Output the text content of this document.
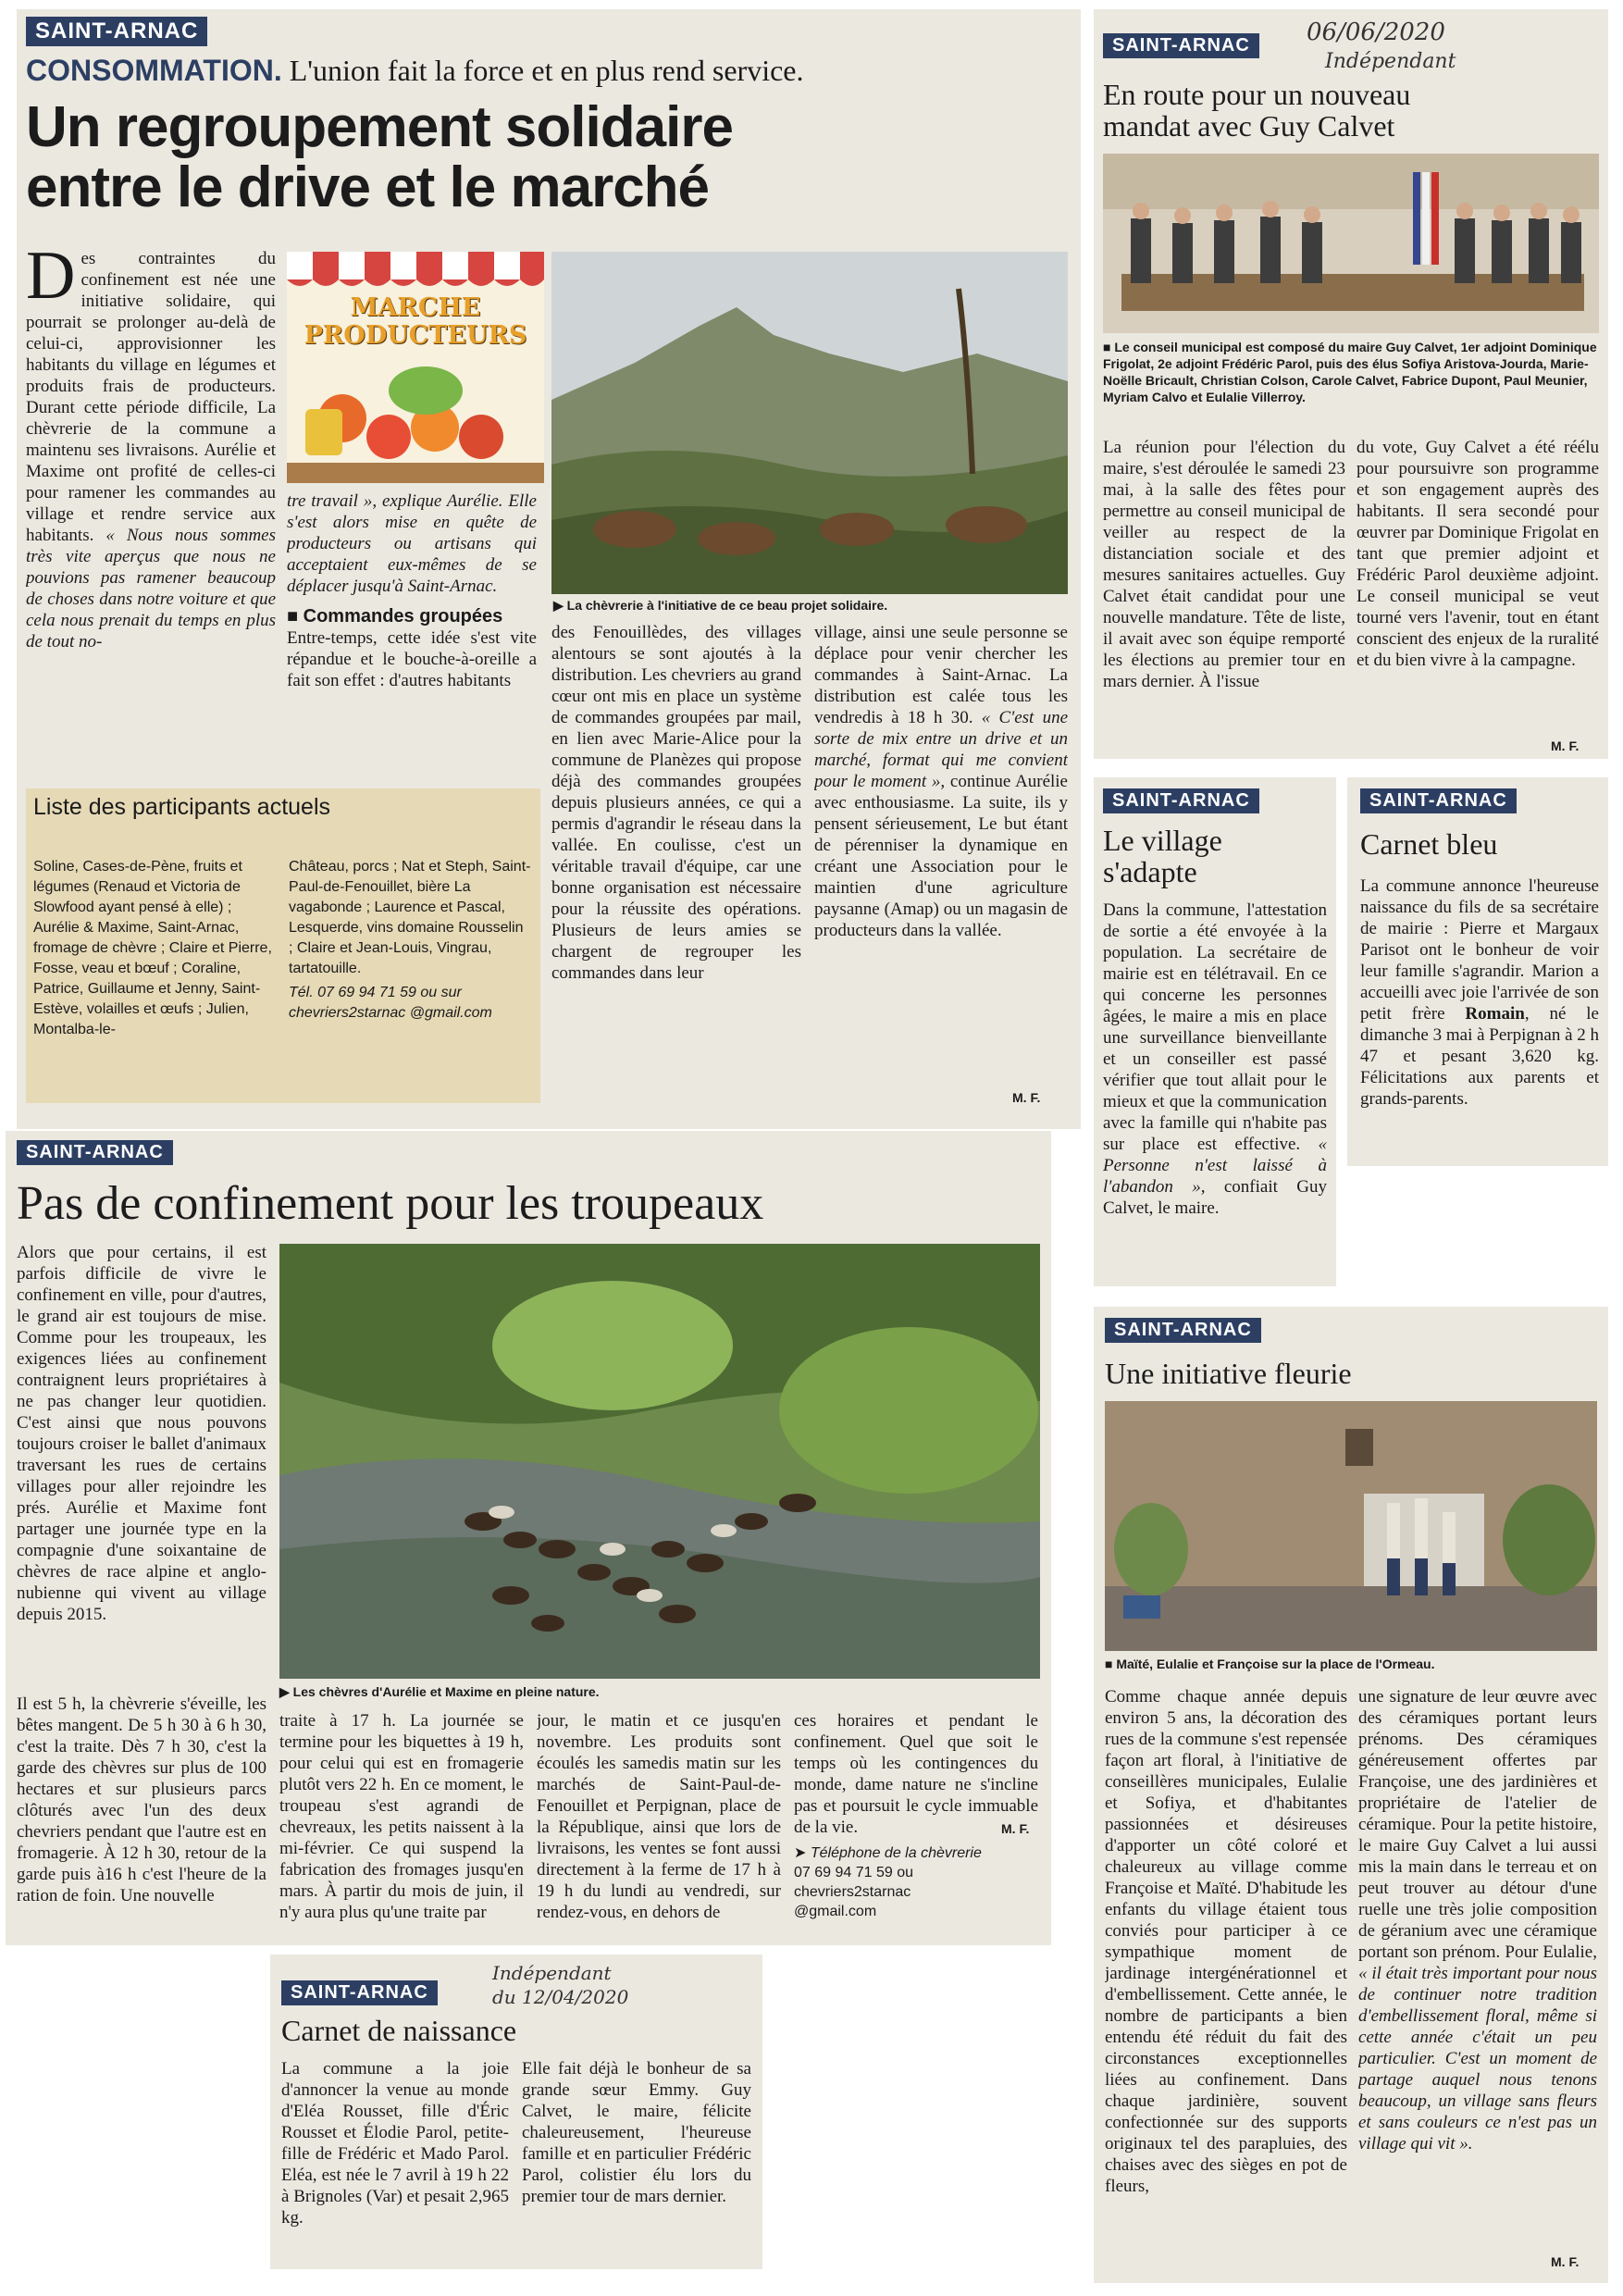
SAINT-ARNAC
CONSOMMATION. L'union fait la force et en plus rend service.
Un regroupement solidaire
entre le drive et le marché
D es contraintes du confinement est née une initiative solidaire, qui pourrait se prolonger au-delà de celui-ci, approvisionner les habitants du village en légumes et produits frais de producteurs. Durant cette période difficile, La chèvrerie de la commune a maintenu ses livraisons. Aurélie et Maxime ont profité de celles-ci pour ramener les commandes au village et rendre service aux habitants. « Nous nous sommes très vite aperçus que nous ne pouvions pas ramener beaucoup de choses dans notre voiture et que cela nous prenait du temps en plus de tout no-
MARCHE
PRODUCTEURS
tre travail », explique Aurélie. Elle s'est alors mise en quête de producteurs ou artisans qui acceptaient eux-mêmes de se déplacer jusqu'à Saint-Arnac.
■ Commandes groupées
Entre-temps, cette idée s'est vite répandue et le bouche-à-oreille a fait son effet : d'autres habitants
▶ La chèvrerie à l'initiative de ce beau projet solidaire.
des Fenouillèdes, des villages alentours se sont ajoutés à la distribution. Les chevriers au grand cœur ont mis en place un système de commandes groupées par mail, en lien avec Marie-Alice pour la commune de Planèzes qui propose déjà des commandes groupées depuis plusieurs années, ce qui a permis d'agrandir le réseau dans la vallée. En coulisse, c'est un véritable travail d'équipe, car une bonne organisation est nécessaire pour la réussite des opérations. Plusieurs de leurs amies se chargent de regrouper les commandes dans leur
village, ainsi une seule personne se déplace pour venir chercher les commandes à Saint-Arnac. La distribution est calée tous les vendredis à 18 h 30. « C'est une sorte de mix entre un drive et un marché, format qui me convient pour le moment », continue Aurélie avec enthousiasme. La suite, ils y pensent sérieusement, Le but étant de pérenniser la dynamique en créant une Association pour le maintien d'une agriculture paysanne (Amap) ou un magasin de producteurs dans la vallée.
M. F.
Liste des participants actuels
Soline, Cases-de-Pène, fruits et légumes (Renaud et Victoria de Slowfood ayant pensé à elle) ; Aurélie & Maxime, Saint-Arnac, fromage de chèvre ; Claire et Pierre, Fosse, veau et bœuf ; Coraline, Patrice, Guillaume et Jenny, Saint-Estève, volailles et œufs ; Julien, Montalba-le-
Château, porcs ; Nat et Steph, Saint-Paul-de-Fenouillet, bière La vagabonde ; Laurence et Pascal, Lesquerde, vins domaine Rousselin ; Claire et Jean-Louis, Vingrau, tartatouille.
Tél. 07 69 94 71 59 ou sur chevriers2starnac @gmail.com
SAINT-ARNAC	06/06/2020
Indépendant
En route pour un nouveau
mandat avec Guy Calvet
■ Le conseil municipal est composé du maire Guy Calvet, 1er adjoint Dominique Frigolat, 2e adjoint Frédéric Parol, puis des élus Sofiya Aristova-Jourda, Marie-Noëlle Bricault, Christian Colson, Carole Calvet, Fabrice Dupont, Paul Meunier, Myriam Calvo et Eulalie Villerroy.
La réunion pour l'élection du maire, s'est déroulée le samedi 23 mai, à la salle des fêtes pour permettre au conseil municipal de veiller au respect de la distanciation sociale et des mesures sanitaires actuelles. Guy Calvet était candidat pour une nouvelle mandature. Tête de liste, il avait avec son équipe remporté les élections au premier tour en mars dernier. À l'issue
du vote, Guy Calvet a été réélu pour poursuivre son programme et son engagement auprès des habitants. Il sera secondé pour œuvrer par Dominique Frigolat en tant que premier adjoint et Frédéric Parol deuxième adjoint. Le conseil municipal se veut tourné vers l'avenir, tout en étant conscient des enjeux de la ruralité et du bien vivre à la campagne.
M. F.
SAINT-ARNAC
Le village
s'adapte
Dans la commune, l'attestation de sortie a été envoyée à la population. La secrétaire de mairie est en télétravail. En ce qui concerne les personnes âgées, le maire a mis en place une surveillance bienveillante et un conseiller est passé vérifier que tout allait pour le mieux et que la communication avec la famille qui n'habite pas sur place est effective. « Personne n'est laissé à l'abandon », confiait Guy Calvet, le maire.
SAINT-ARNAC
Carnet bleu
La commune annonce l'heureuse naissance du fils de sa secrétaire de mairie : Pierre et Margaux Parisot ont le bonheur de voir leur famille s'agrandir. Marion a accueilli avec joie l'arrivée de son petit frère Romain, né le dimanche 3 mai à Perpignan à 2 h 47 et pesant 3,620 kg. Félicitations aux parents et grands-parents.
SAINT-ARNAC
Pas de confinement pour les troupeaux
Alors que pour certains, il est parfois difficile de vivre le confinement en ville, pour d'autres, le grand air est toujours de mise. Comme pour les troupeaux, les exigences liées au confinement contraignent leurs propriétaires à ne pas changer leur quotidien. C'est ainsi que nous pouvons toujours croiser le ballet d'animaux traversant les rues de certains villages pour aller rejoindre les prés. Aurélie et Maxime font partager une journée type en la compagnie d'une soixantaine de chèvres de race alpine et anglo-nubienne qui vivent au village depuis 2015.
▶ Les chèvres d'Aurélie et Maxime en pleine nature.
Il est 5 h, la chèvrerie s'éveille, les bêtes mangent. De 5 h 30 à 6 h 30, c'est la traite. Dès 7 h 30, c'est la garde des chèvres sur plus de 100 hectares et sur plusieurs parcs clôturés avec l'un des deux chevriers pendant que l'autre est en fromagerie. À 12 h 30, retour de la garde puis à16 h c'est l'heure de la ration de foin. Une nouvelle
traite à 17 h. La journée se termine pour les biquettes à 19 h, pour celui qui est en fromagerie plutôt vers 22 h. En ce moment, le troupeau s'est agrandi de chevreaux, les petits naissent à la mi-février. Ce qui suspend la fabrication des fromages jusqu'en mars. À partir du mois de juin, il n'y aura plus qu'une traite par
jour, le matin et ce jusqu'en novembre. Les produits sont écoulés les samedis matin sur les marchés de Saint-Paul-de-Fenouillet et Perpignan, place de la République, ainsi que lors de livraisons, les ventes se font aussi directement à la ferme de 17 h à 19 h du lundi au vendredi, sur rendez-vous, en dehors de
ces horaires et pendant le confinement. Quel que soit le temps où les contingences du monde, dame nature ne s'incline pas et poursuit le cycle immuable de la vie.	M. F.
➤ Téléphone de la chèvrerie
07 69 94 71 59 ou
chevriers2starnac
@gmail.com
SAINT-ARNAC
Une initiative fleurie
■ Maïté, Eulalie et Françoise sur la place de l'Ormeau.
Comme chaque année depuis environ 5 ans, la décoration des rues de la commune s'est repensée façon art floral, à l'initiative de conseillères municipales, Eulalie et Sofiya, et d'habitantes passionnées et désireuses d'apporter un côté coloré et chaleureux au village comme Françoise et Maïté. D'habitude les enfants du village étaient tous conviés pour participer à ce sympathique moment de jardinage intergénérationnel et d'embellissement. Cette année, le nombre de participants a bien entendu été réduit du fait des circonstances exceptionnelles liées au confinement. Dans chaque jardinière, souvent confectionnée sur des supports originaux tel des parapluies, des chaises avec des sièges en pot de fleurs,
une signature de leur œuvre avec des céramiques portant leurs prénoms. Des céramiques généreusement offertes par Françoise, une des jardinières et propriétaire de l'atelier de céramique. Pour la petite histoire, le maire Guy Calvet a lui aussi mis la main dans le terreau et on peut trouver au détour d'une ruelle une très jolie composition de géranium avec une céramique portant son prénom. Pour Eulalie, « il était très important pour nous de continuer notre tradition d'embellissement floral, même si cette année c'était un peu particulier. C'est un moment de partage auquel nous tenons beaucoup, un village sans fleurs et sans couleurs ce n'est pas un village qui vit ».
M. F.
SAINT-ARNAC
Indépendant
du 12/04/2020
Carnet de naissance
La commune a la joie d'annoncer la venue au monde d'Eléa Rousset, fille d'Éric Rousset et Élodie Parol, petite-fille de Frédéric et Mado Parol. Eléa, est née le 7 avril à 19 h 22 à Brignoles (Var) et pesait 2,965 kg.
Elle fait déjà le bonheur de sa grande sœur Emmy. Guy Calvet, le maire, félicite chaleureusement, l'heureuse famille et en particulier Frédéric Parol, colistier élu lors du premier tour de mars dernier.
